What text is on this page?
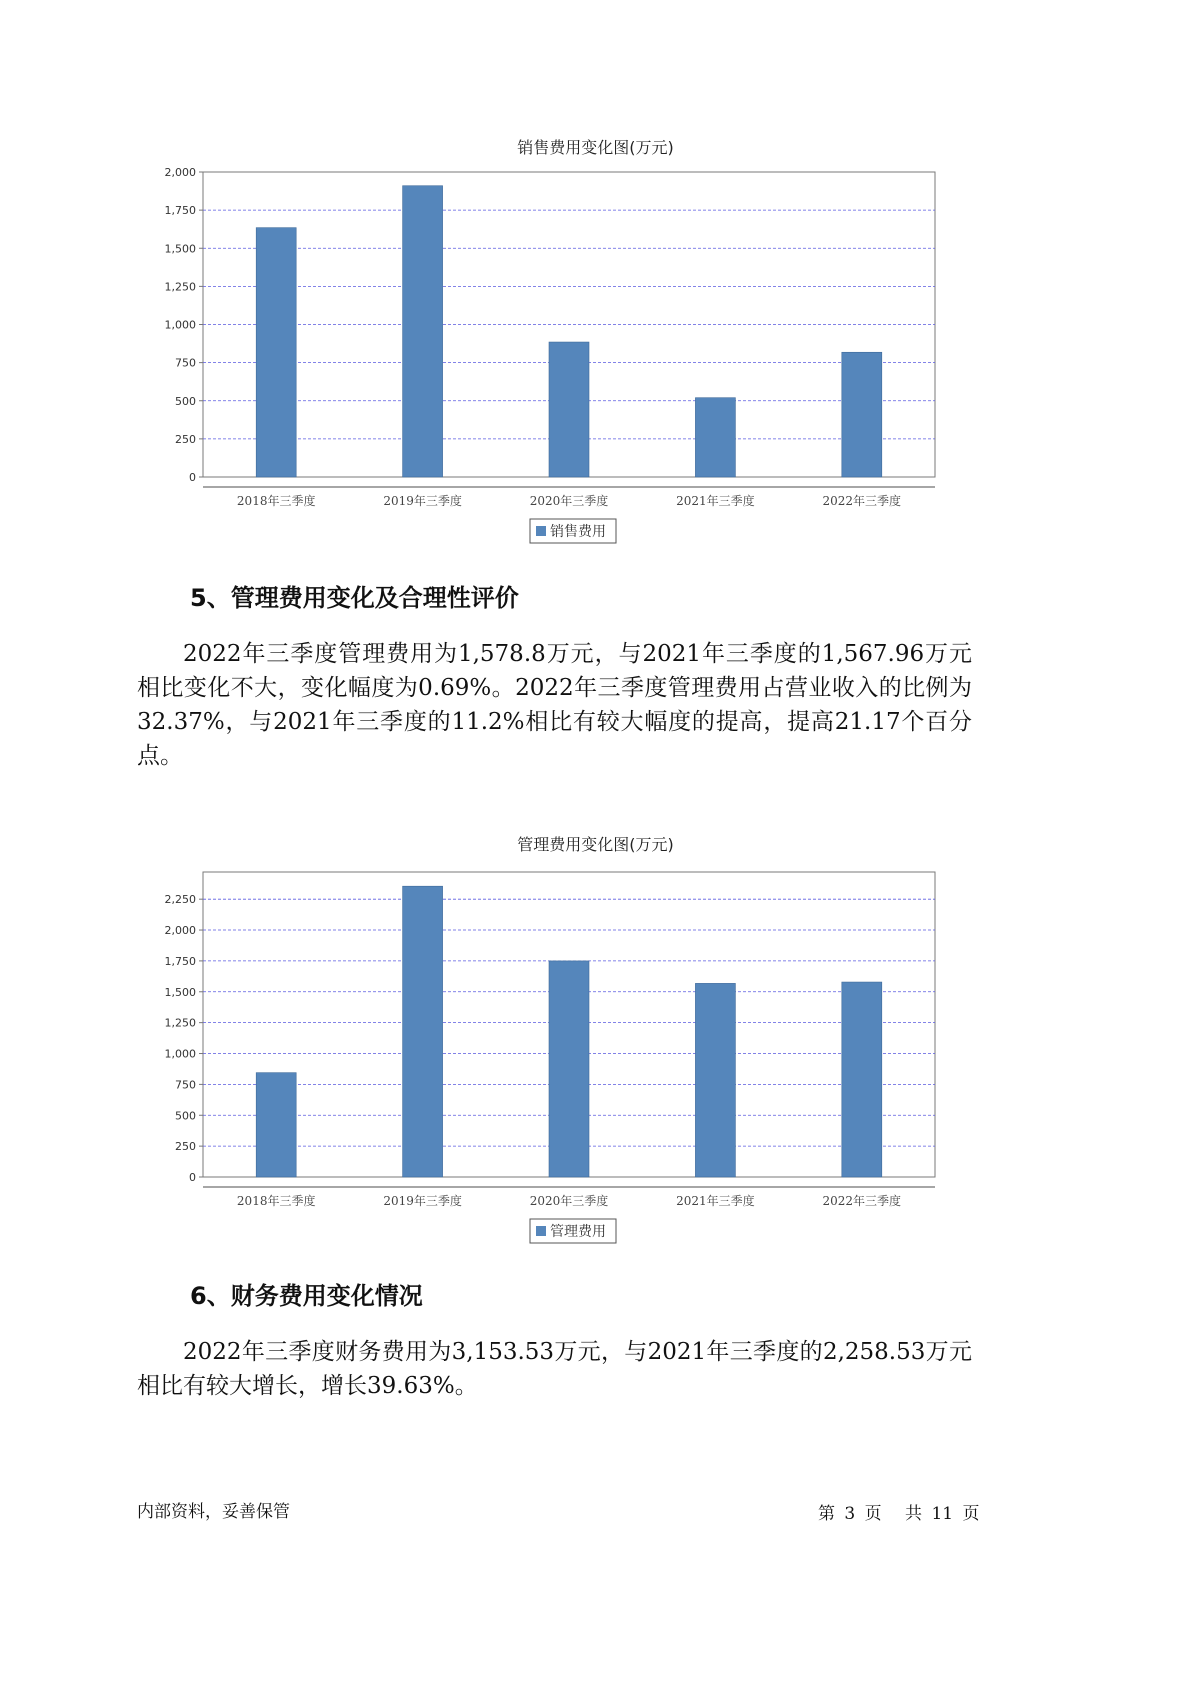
销售费用变化图(万元)
0
250
500
750
1,000
1,250
1,500
1,750
2,000
2018年三季度	2019年三季度	2020年三季度	2021年三季度	2022年三季度
销售费用
5、管理费用变化及合理性评价

2022年三季度管理费用为1,578.8万元，与2021年三季度的1,567.96万元相比变化不大，变化幅度为0.69%。2022年三季度管理费用占营业收入的比例为32.37%，与2021年三季度的11.2%相比有较大幅度的提高，提高21.17个百分点。

管理费用变化图(万元)
0
250
500
750
1,000
1,250
1,500
1,750
2,000
2,250
2018年三季度	2019年三季度	2020年三季度	2021年三季度	2022年三季度
管理费用
6、财务费用变化情况

2022年三季度财务费用为3,153.53万元，与2021年三季度的2,258.53万元相比有较大增长，增长39.63%。

内部资料，妥善保管	第 3 页 共 11 页
